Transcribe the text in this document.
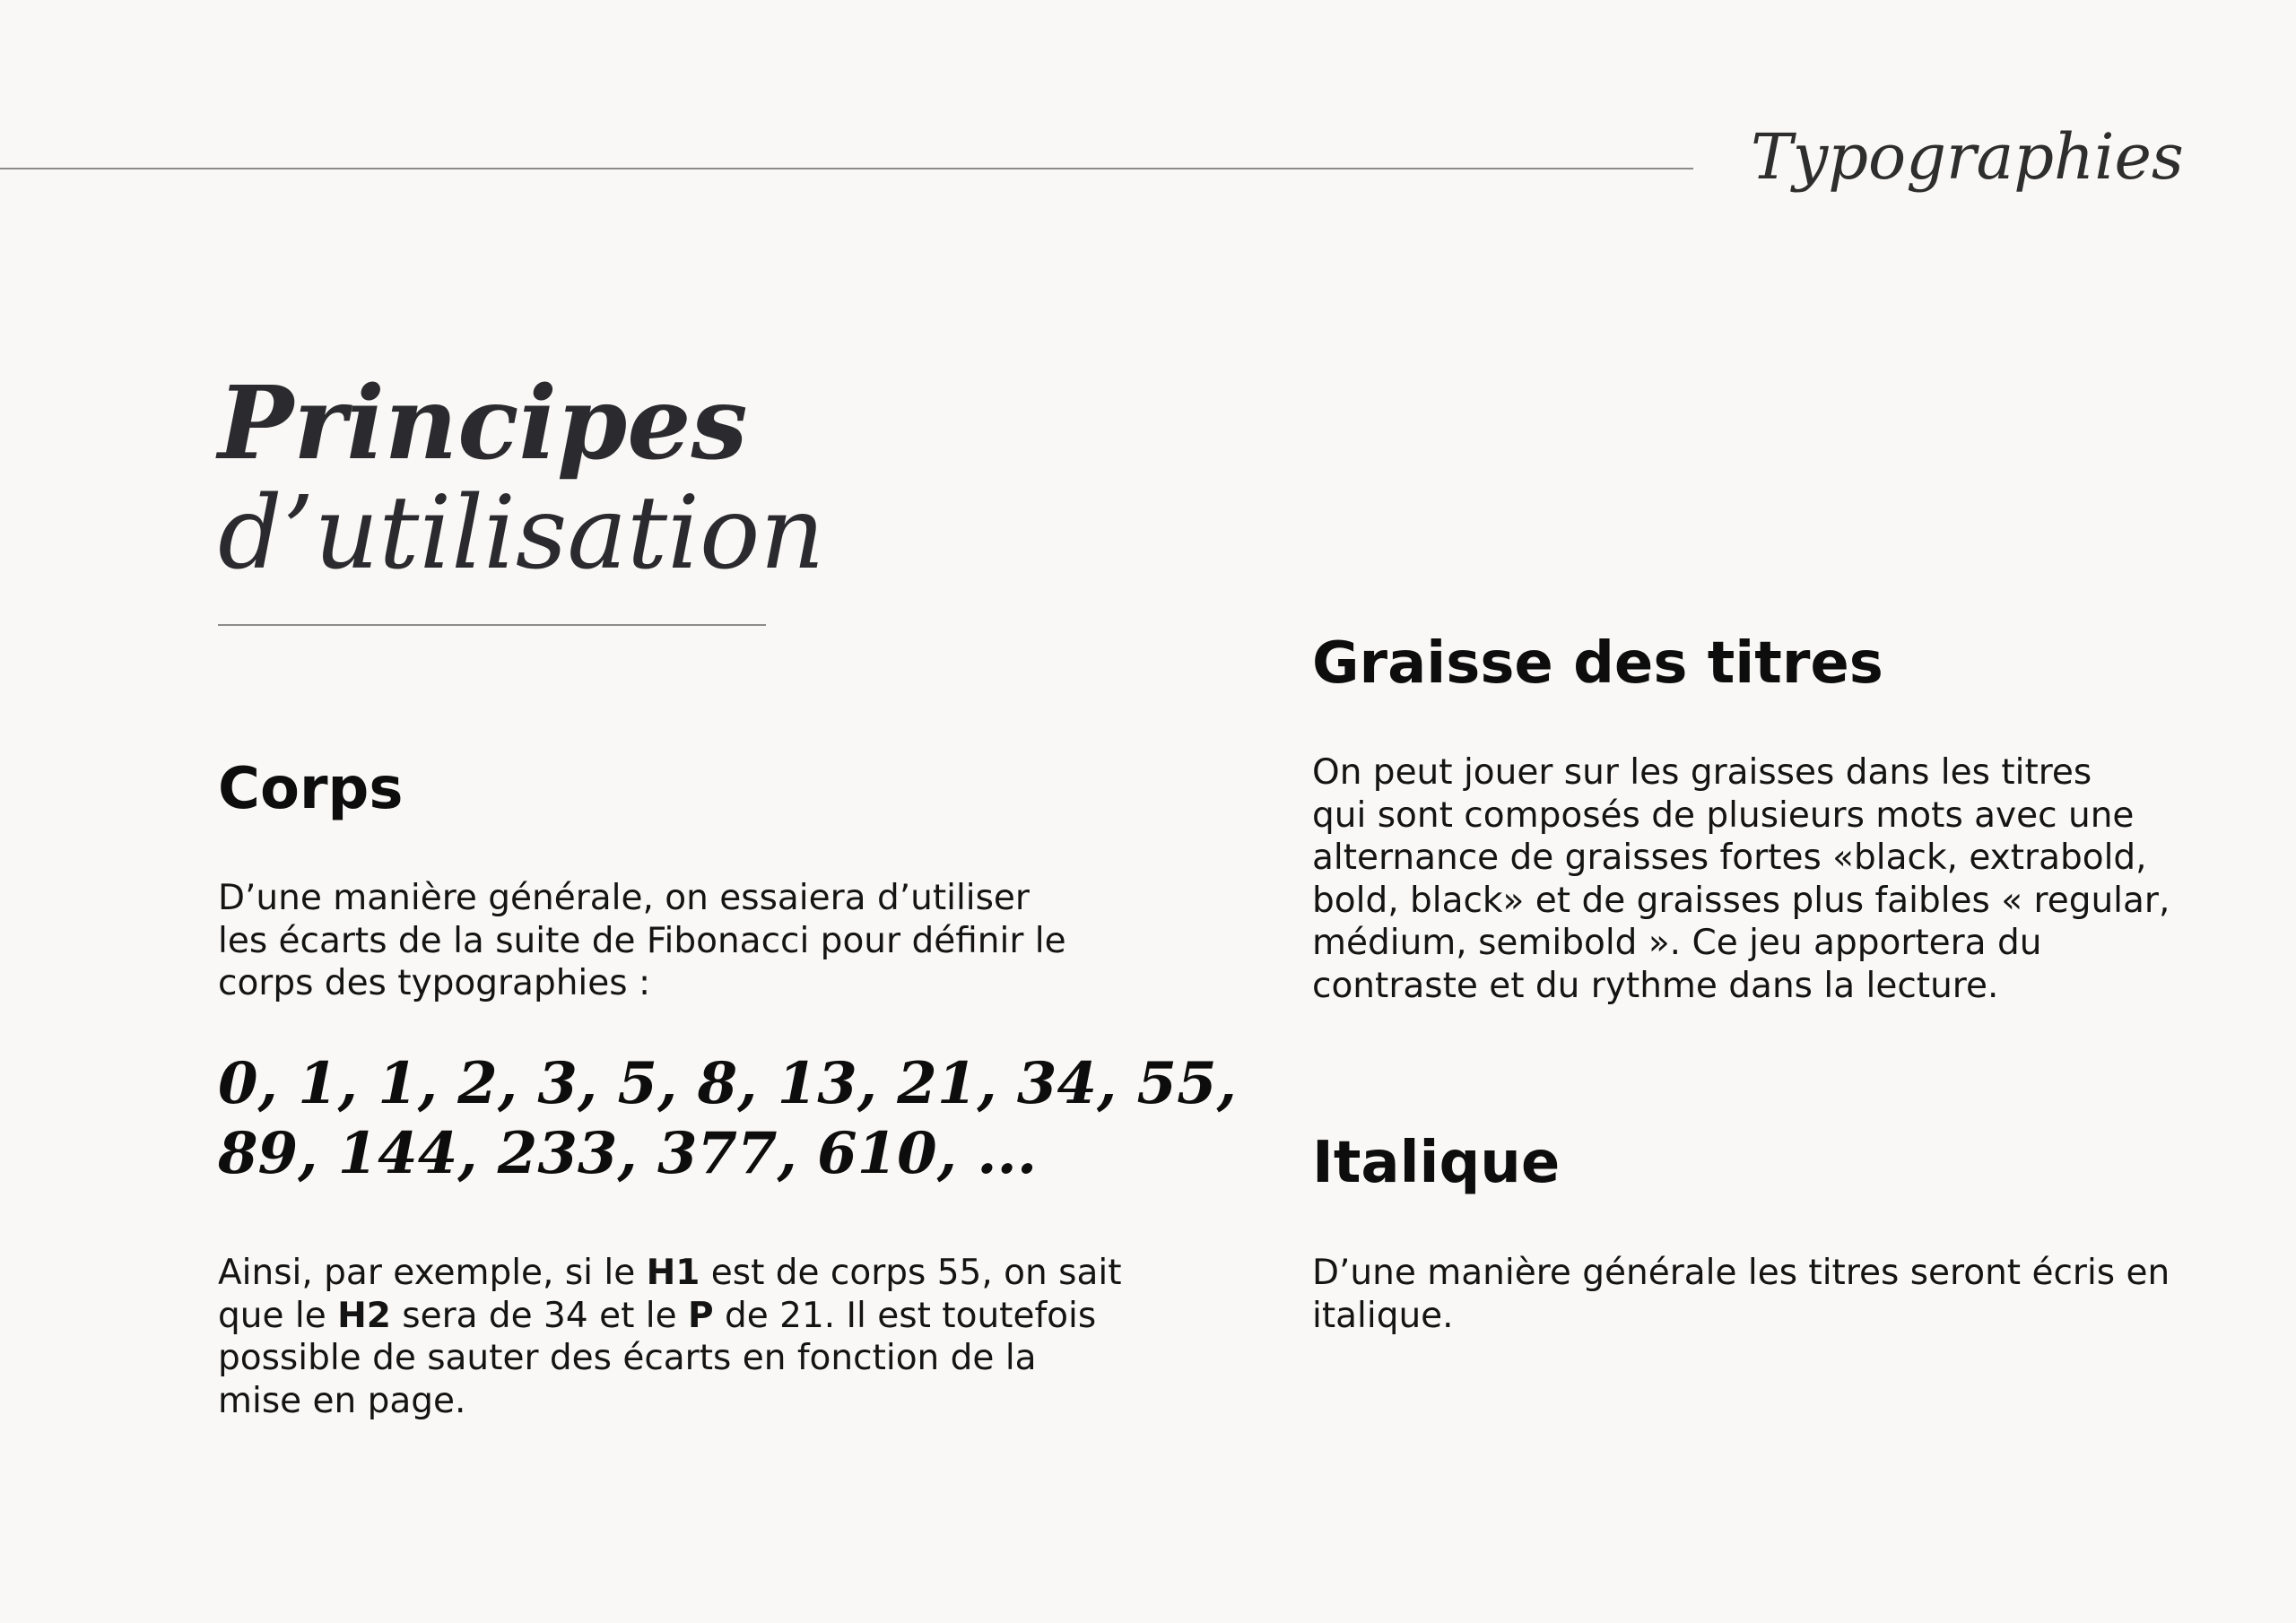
Typographies
Principes
d’utilisation
Corps

D’une manière générale, on essaiera d’utiliser
les écarts de la suite de Fibonacci pour définir le
corps des typographies :

0, 1, 1, 2, 3, 5, 8, 13, 21, 34, 55,
89, 144, 233, 377, 610, ...

Ainsi, par exemple, si le H1 est de corps 55, on sait
que le H2 sera de 34 et le P de 21. Il est toutefois
possible de sauter des écarts en fonction de la
mise en page.

Graisse des titres

On peut jouer sur les graisses dans les titres
qui sont composés de plusieurs mots avec une
alternance de graisses fortes «black, extrabold,
bold, black» et de graisses plus faibles « regular,
médium, semibold ». Ce jeu apportera du
contraste et du rythme dans la lecture.

Italique

D’une manière générale les titres seront écris en
italique.
